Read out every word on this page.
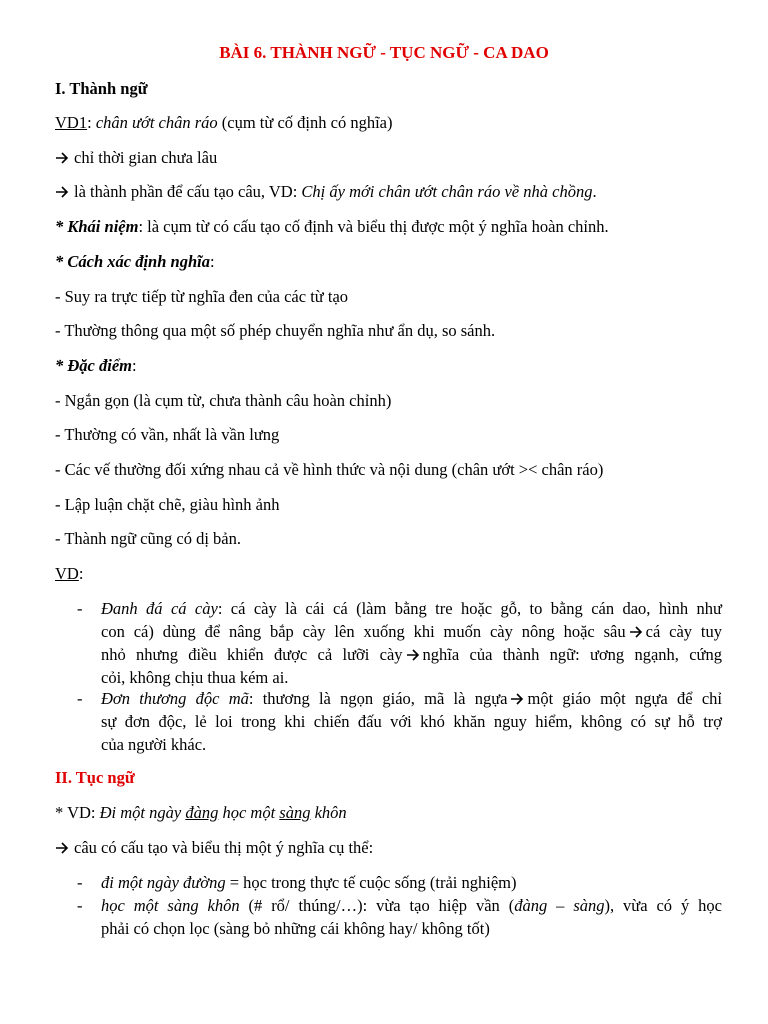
BÀI 6. THÀNH NGỮ - TỤC NGỮ - CA DAO
I. Thành ngữ
VD1: chân ướt chân ráo (cụm từ cố định có nghĩa)
chỉ thời gian chưa lâu
là thành phần để cấu tạo câu, VD: Chị ấy mới chân ướt chân ráo về nhà chồng.
* Khái niệm: là cụm từ có cấu tạo cố định và biểu thị được một ý nghĩa hoàn chỉnh.
* Cách xác định nghĩa:
- Suy ra trực tiếp từ nghĩa đen của các từ tạo
- Thường thông qua một số phép chuyển nghĩa như ẩn dụ, so sánh.
* Đặc điểm:
- Ngắn gọn (là cụm từ, chưa thành câu hoàn chỉnh)
- Thường có vần, nhất là vần lưng
- Các vế thường đối xứng nhau cả về hình thức và nội dung (chân ướt >< chân ráo)
- Lập luận chặt chẽ, giàu hình ảnh
- Thành ngữ cũng có dị bản.
VD:
- Đanh đá cá cày: cá cày là cái cá (làm bằng tre hoặc gỗ, to bằng cán dao, hình như
con cá) dùng để nâng bắp cày lên xuống khi muốn cày nông hoặc sâu cá cày tuy
nhỏ nhưng điều khiển được cả lưỡi cày nghĩa của thành ngữ: ương ngạnh, cứng
cỏi, không chịu thua kém ai.
- Đơn thương độc mã: thương là ngọn giáo, mã là ngựa một giáo một ngựa để chỉ
sự đơn độc, lẻ loi trong khi chiến đấu với khó khăn nguy hiểm, không có sự hỗ trợ
của người khác.
II. Tục ngữ
* VD: Đi một ngày đàng học một sàng khôn
câu có cấu tạo và biểu thị một ý nghĩa cụ thể:
- đi một ngày đường = học trong thực tế cuộc sống (trải nghiệm)
- học một sàng khôn (# rổ/ thúng/…): vừa tạo hiệp vần (đàng – sàng), vừa có ý học
phải có chọn lọc (sàng bỏ những cái không hay/ không tốt)
